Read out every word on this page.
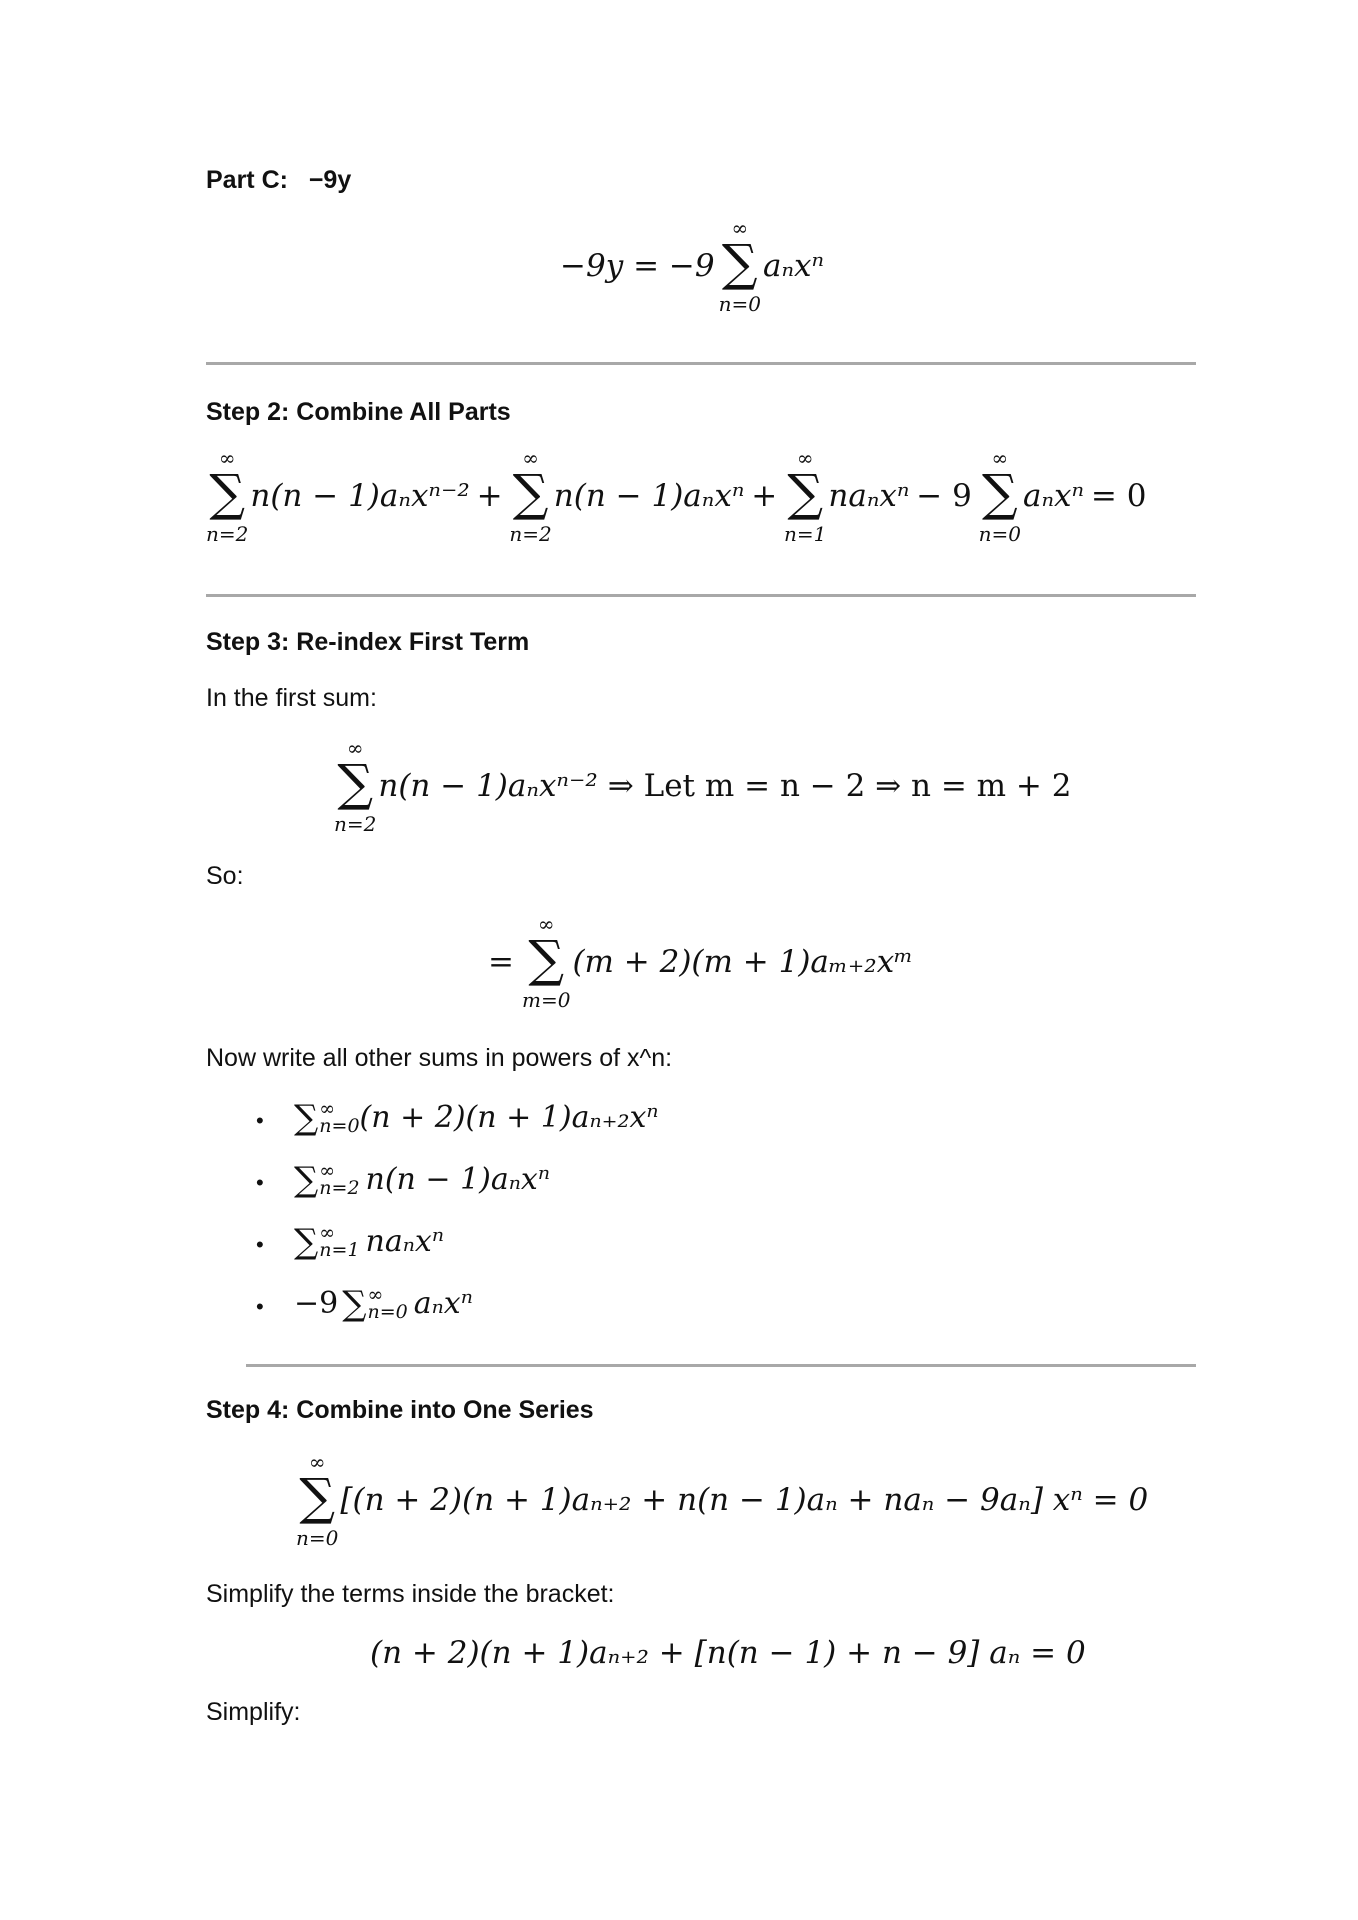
Part C: −9y
−9y = −9
∞
∑
n=0
aₙxⁿ
Step 2: Combine All Parts
∞
∑
n=2
n(n − 1)aₙxⁿ⁻² +
∞
∑
n=2
n(n − 1)aₙxⁿ +
∞
∑
n=1
naₙxⁿ − 9
∞
∑
n=0
aₙxⁿ = 0
Step 3: Re-index First Term
In the first sum:
∞
∑
n=2
n(n − 1)aₙxⁿ⁻² ⇒ Let m = n − 2 ⇒ n = m + 2
So:
=
∞
∑
m=0
(m + 2)(m + 1)aₘ₊₂xᵐ
Now write all other sums in powers of x^n:
• ∑ ∞
n=0 (n + 2)(n + 1)aₙ₊₂xⁿ
• ∑ ∞
n=2 n(n − 1)aₙxⁿ
• ∑ ∞
n=1 naₙxⁿ
• −9 ∑ ∞
n=0 aₙxⁿ
Step 4: Combine into One Series
∞
∑
n=0
[(n + 2)(n + 1)aₙ₊₂ + n(n − 1)aₙ + naₙ − 9aₙ] xⁿ = 0
Simplify the terms inside the bracket:
(n + 2)(n + 1)aₙ₊₂ + [n(n − 1) + n − 9] aₙ = 0
Simplify:
